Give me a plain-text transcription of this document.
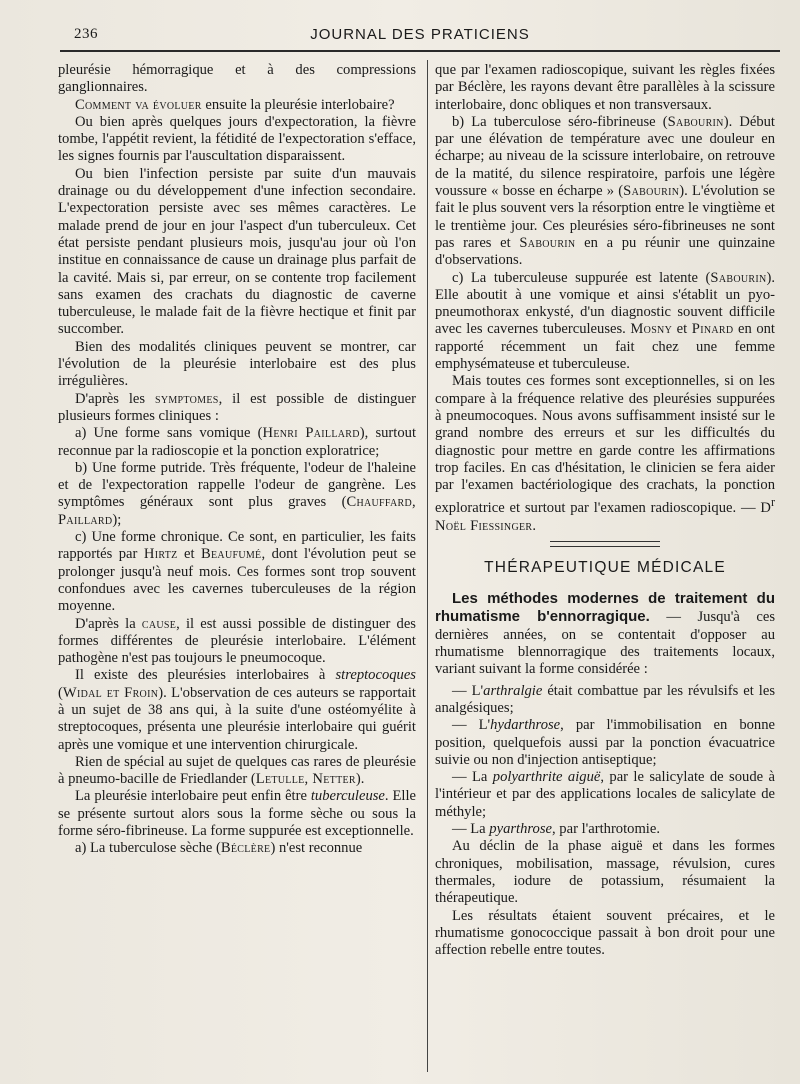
236	JOURNAL DES PRATICIENS

pleurésie hémorragique et à des compressions ganglionnaires.

Comment va évoluer ensuite la pleurésie interlobaire?

Ou bien après quelques jours d'expectoration, la fièvre tombe, l'appétit revient, la fétidité de l'expectoration s'efface, les signes fournis par l'auscultation disparaissent.

Ou bien l'infection persiste par suite d'un mauvais drainage ou du développement d'une infection secondaire. L'expectoration persiste avec ses mêmes caractères. Le malade prend de jour en jour l'aspect d'un tuberculeux. Cet état persiste pendant plusieurs mois, jusqu'au jour où l'on institue en connaissance de cause un drainage plus parfait de la cavité. Mais si, par erreur, on se contente trop facilement sans examen des crachats du diagnostic de caverne tuberculeuse, le malade fait de la fièvre hectique et finit par succomber.

Bien des modalités cliniques peuvent se montrer, car l'évolution de la pleurésie interlobaire est des plus irrégulières.

D'après les symptomes, il est possible de distinguer plusieurs formes cliniques :

a) Une forme sans vomique (Henri Paillard), surtout reconnue par la radioscopie et la ponction exploratrice;

b) Une forme putride. Très fréquente, l'odeur de l'haleine et de l'expectoration rappelle l'odeur de gangrène. Les symptômes généraux sont plus graves (Chauffard, Paillard);

c) Une forme chronique. Ce sont, en particulier, les faits rapportés par Hirtz et Beaufumé, dont l'évolution peut se prolonger jusqu'à neuf mois. Ces formes sont trop souvent confondues avec les cavernes tuberculeuses de la région moyenne.

D'après la cause, il est aussi possible de distinguer des formes différentes de pleurésie interlobaire. L'élément pathogène n'est pas toujours le pneumocoque.

Il existe des pleurésies interlobaires à streptocoques (Widal et Froin). L'observation de ces auteurs se rapportait à un sujet de 38 ans qui, à la suite d'une ostéomyélite à streptocoques, présenta une pleurésie interlobaire qui guérit après une vomique et une intervention chirurgicale.

Rien de spécial au sujet de quelques cas rares de pleurésie à pneumo-bacille de Friedlander (Letulle, Netter).

La pleurésie interlobaire peut enfin être tuberculeuse. Elle se présente surtout alors sous la forme sèche ou sous la forme séro-fibrineuse. La forme suppurée est exceptionnelle.

a) La tuberculose sèche (Béclère) n'est reconnue

que par l'examen radioscopique, suivant les règles fixées par Béclère, les rayons devant être parallèles à la scissure interlobaire, donc obliques et non transversaux.

b) La tuberculose séro-fibrineuse (Sabourin). Début par une élévation de température avec une douleur en écharpe; au niveau de la scissure interlobaire, on retrouve de la matité, du silence respiratoire, parfois une légère voussure « bosse en écharpe » (Sabourin). L'évolution se fait le plus souvent vers la résorption entre le vingtième et le trentième jour. Ces pleurésies séro-fibrineuses ne sont pas rares et Sabourin en a pu réunir une quinzaine d'observations.

c) La tuberculeuse suppurée est latente (Sabourin). Elle aboutit à une vomique et ainsi s'établit un pyo-pneumothorax enkysté, d'un diagnostic souvent difficile avec les cavernes tuberculeuses. Mosny et Pinard en ont rapporté récemment un fait chez une femme emphysémateuse et tuberculeuse.

Mais toutes ces formes sont exceptionnelles, si on les compare à la fréquence relative des pleurésies suppurées à pneumocoques. Nous avons suffisamment insisté sur le grand nombre des erreurs et sur les difficultés du diagnostic pour mettre en garde contre les affirmations trop faciles. En cas d'hésitation, le clinicien se fera aider par l'examen bactériologique des crachats, la ponction exploratrice et surtout par l'examen radioscopique. — $D^r$ Noël Fiessinger.

THÉRAPEUTIQUE MÉDICALE

Les méthodes modernes de traitement du rhumatisme b'ennorragique. — Jusqu'à ces dernières années, on se contentait d'opposer au rhumatisme blennorragique des traitements locaux, variant suivant la forme considérée :

— L'arthralgie était combattue par les révulsifs et les analgésiques;

— L'hydarthrose, par l'immobilisation en bonne position, quelquefois aussi par la ponction évacuatrice suivie ou non d'injection antiseptique;

— La polyarthrite aiguë, par le salicylate de soude à l'intérieur et par des applications locales de salicylate de méthyle;

— La pyarthrose, par l'arthrotomie.

Au déclin de la phase aiguë et dans les formes chroniques, mobilisation, massage, révulsion, cures thermales, iodure de potassium, résumaient la thérapeutique.

Les résultats étaient souvent précaires, et le rhumatisme gonococcique passait à bon droit pour une affection rebelle entre toutes.
